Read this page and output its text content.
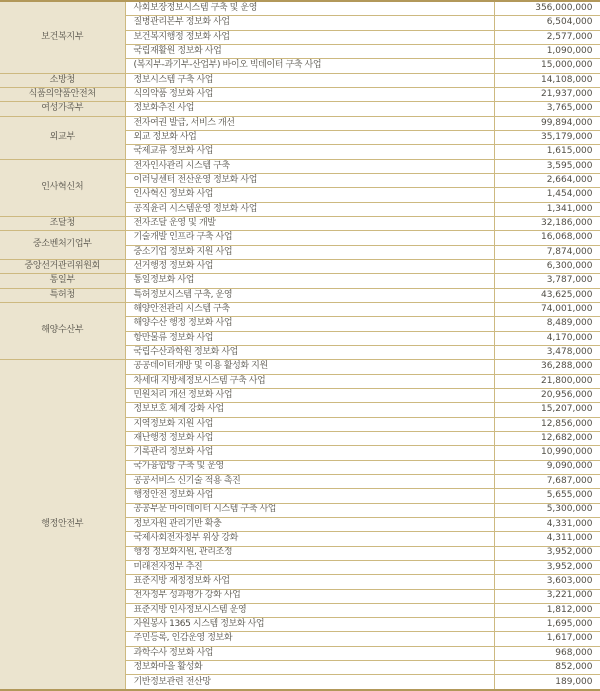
보건복지부	사회보장정보시스템 구축 및 운영	356,000,000
	질병관리본부 정보화 사업	6,504,000
	보건복지행정 정보화 사업	2,577,000
	국립재활원 정보화 사업	1,090,000
	(복지부-과기부-산업부) 바이오 빅데이터 구축 사업	15,000,000
소방청	정보시스템 구축 사업	14,108,000
식품의약품안전처	식의약품 정보화 사업	21,937,000
여성가족부	정보화추진 사업	3,765,000
외교부	전자여권 발급, 서비스 개선	99,894,000
	외교 정보화 사업	35,179,000
	국제교류 정보화 사업	1,615,000
인사혁신처	전자인사관리 시스템 구축	3,595,000
	이러닝센터 전산운영 정보화 사업	2,664,000
	인사혁신 정보화 사업	1,454,000
	공직윤리 시스템운영 정보화 사업	1,341,000
조달청	전자조달 운영 및 개발	32,186,000
중소벤처기업부	기술개발 인프라 구축 사업	16,068,000
	중소기업 정보화 지원 사업	7,874,000
중앙선거관리위원회	선거행정 정보화 사업	6,300,000
통일부	통일정보화 사업	3,787,000
특허청	특허정보시스템 구축, 운영	43,625,000
해양수산부	해양안전관리 시스템 구축	74,001,000
	해양수산 행정 정보화 사업	8,489,000
	항만물류 정보화 사업	4,170,000
	국립수산과학원 정보화 사업	3,478,000
행정안전부	공공데이터개방 및 이용 활성화 지원	36,288,000
	차세대 지방세정보시스템 구축 사업	21,800,000
	민원처리 개선 정보화 사업	20,956,000
	정보보호 체계 강화 사업	15,207,000
	지역정보화 지원 사업	12,856,000
	재난행정 정보화 사업	12,682,000
	기록관리 정보화 사업	10,990,000
	국가융합망 구축 및 운영	9,090,000
	공공서비스 신기술 적용 촉진	7,687,000
	행정안전 정보화 사업	5,655,000
	공공부문 마이데이터 시스템 구축 사업	5,300,000
	정보자원 관리기반 확충	4,331,000
	국제사회전자정부 위상 강화	4,311,000
	행정 정보화지원, 관리조정	3,952,000
	미래전자정부 추진	3,952,000
	표준지방 재정정보화 사업	3,603,000
	전자정부 성과평가 강화 사업	3,221,000
	표준지방 인사정보시스템 운영	1,812,000
	자원봉사 1365 시스템 정보화 사업	1,695,000
	주민등록, 인감운영 정보화	1,617,000
	과학수사 정보화 사업	968,000
	정보화마을 활성화	852,000
	기반정보관련 전산망	189,000
